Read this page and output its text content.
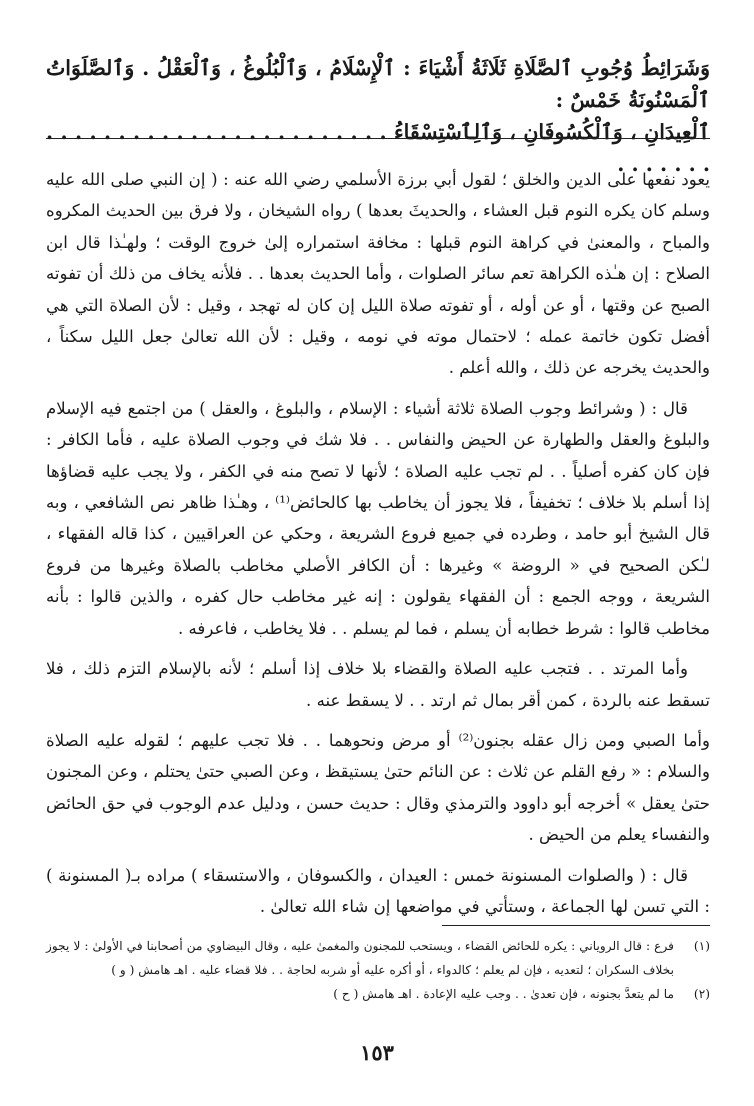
وَشَرَائِطُ وُجُوبِ ٱلصَّلَاةِ ثَلَاثَةُ أَشْيَاءَ : ٱلْإِسْلَامُ ، وَٱلْبُلُوغُ ، وَٱلْعَقْلُ . وَٱلصَّلَوَاتُ ٱلْمَسْنُونَةُ خَمْسٌ :

ٱلْعِيدَانِ ، وَٱلْكُسُوفَانِ ، وَٱلِٱسْتِسْقَاءُ . . . . . . . . . . . . . . . . . . . . . . . . . . . . . . .

يعود نفعها على الدين والخلق ؛ لقول أبي برزة الأسلمي رضي الله عنه : ( إن النبي صلى الله عليه وسلم كان يكره النوم قبل العشاء ، والحديثَ بعدها ) رواه الشيخان ، ولا فرق بين الحديث المكروه والمباح ، والمعنىٰ في كراهة النوم قبلها : مخافة استمراره إلىٰ خروج الوقت ؛ ولهـٰذا قال ابن الصلاح : إن هـٰذه الكراهة تعم سائر الصلوات ، وأما الحديث بعدها . . فلأنه يخاف من ذلك أن تفوته الصبح عن وقتها ، أو عن أوله ، أو تفوته صلاة الليل إن كان له تهجد ، وقيل : لأن الصلاة التي هي أفضل تكون خاتمة عمله ؛ لاحتمال موته في نومه ، وقيل : لأن الله تعالىٰ جعل الليل سكناً ، والحديث يخرجه عن ذلك ، والله أعلم .

قال : ( وشرائط وجوب الصلاة ثلاثة أشياء : الإسلام ، والبلوغ ، والعقل ) من اجتمع فيه الإسلام والبلوغ والعقل والطهارة عن الحيض والنفاس . . فلا شك في وجوب الصلاة عليه ، فأما الكافر : فإن كان كفره أصلياً . . لم تجب عليه الصلاة ؛ لأنها لا تصح منه في الكفر ، ولا يجب عليه قضاؤها إذا أسلم بلا خلاف ؛ تخفيفاً ، فلا يجوز أن يخاطب بها كالحائض⁽¹⁾ ، وهـٰذا ظاهر نص الشافعي ، وبه قال الشيخ أبو حامد ، وطرده في جميع فروع الشريعة ، وحكي عن العراقيين ، كذا قاله الفقهاء ، لـٰكن الصحيح في « الروضة » وغيرها : أن الكافر الأصلي مخاطب بالصلاة وغيرها من فروع الشريعة ، ووجه الجمع : أن الفقهاء يقولون : إنه غير مخاطب حال كفره ، والذين قالوا : بأنه مخاطب قالوا : شرط خطابه أن يسلم ، فما لم يسلم . . فلا يخاطب ، فاعرفه .

وأما المرتد . . فتجب عليه الصلاة والقضاء بلا خلاف إذا أسلم ؛ لأنه بالإسلام التزم ذلك ، فلا تسقط عنه بالردة ، كمن أقر بمال ثم ارتد . . لا يسقط عنه .

وأما الصبي ومن زال عقله بجنون⁽²⁾ أو مرض ونحوهما . . فلا تجب عليهم ؛ لقوله عليه الصلاة والسلام : « رفع القلم عن ثلاث : عن النائم حتىٰ يستيقظ ، وعن الصبي حتىٰ يحتلم ، وعن المجنون حتىٰ يعقل » أخرجه أبو داوود والترمذي وقال : حديث حسن ، ودليل عدم الوجوب في حق الحائض والنفساء يعلم من الحيض .

قال : ( والصلوات المسنونة خمس : العيدان ، والكسوفان ، والاستسقاء ) مراده بـ( المسنونة ) : التي تسن لها الجماعة ، وستأتي في مواضعها إن شاء الله تعالىٰ .

(١)
فرع : قال الروياني : يكره للحائض القضاء ، ويستحب للمجنون والمغمىٰ عليه ، وقال البيضاوي من أصحابنا في الأولىٰ : لا يجوز بخلاف السكران ؛ لتعديه ، فإن لم يعلم ؛ كالدواء ، أو أكره عليه أو شربه لحاجة . . فلا قضاء عليه . اهـ هامش ( و )
(٢)
ما لم يتعدَّ بجنونه ، فإن تعدىٰ . . وجب عليه الإعادة . اهـ هامش ( ح )
١٥٣
